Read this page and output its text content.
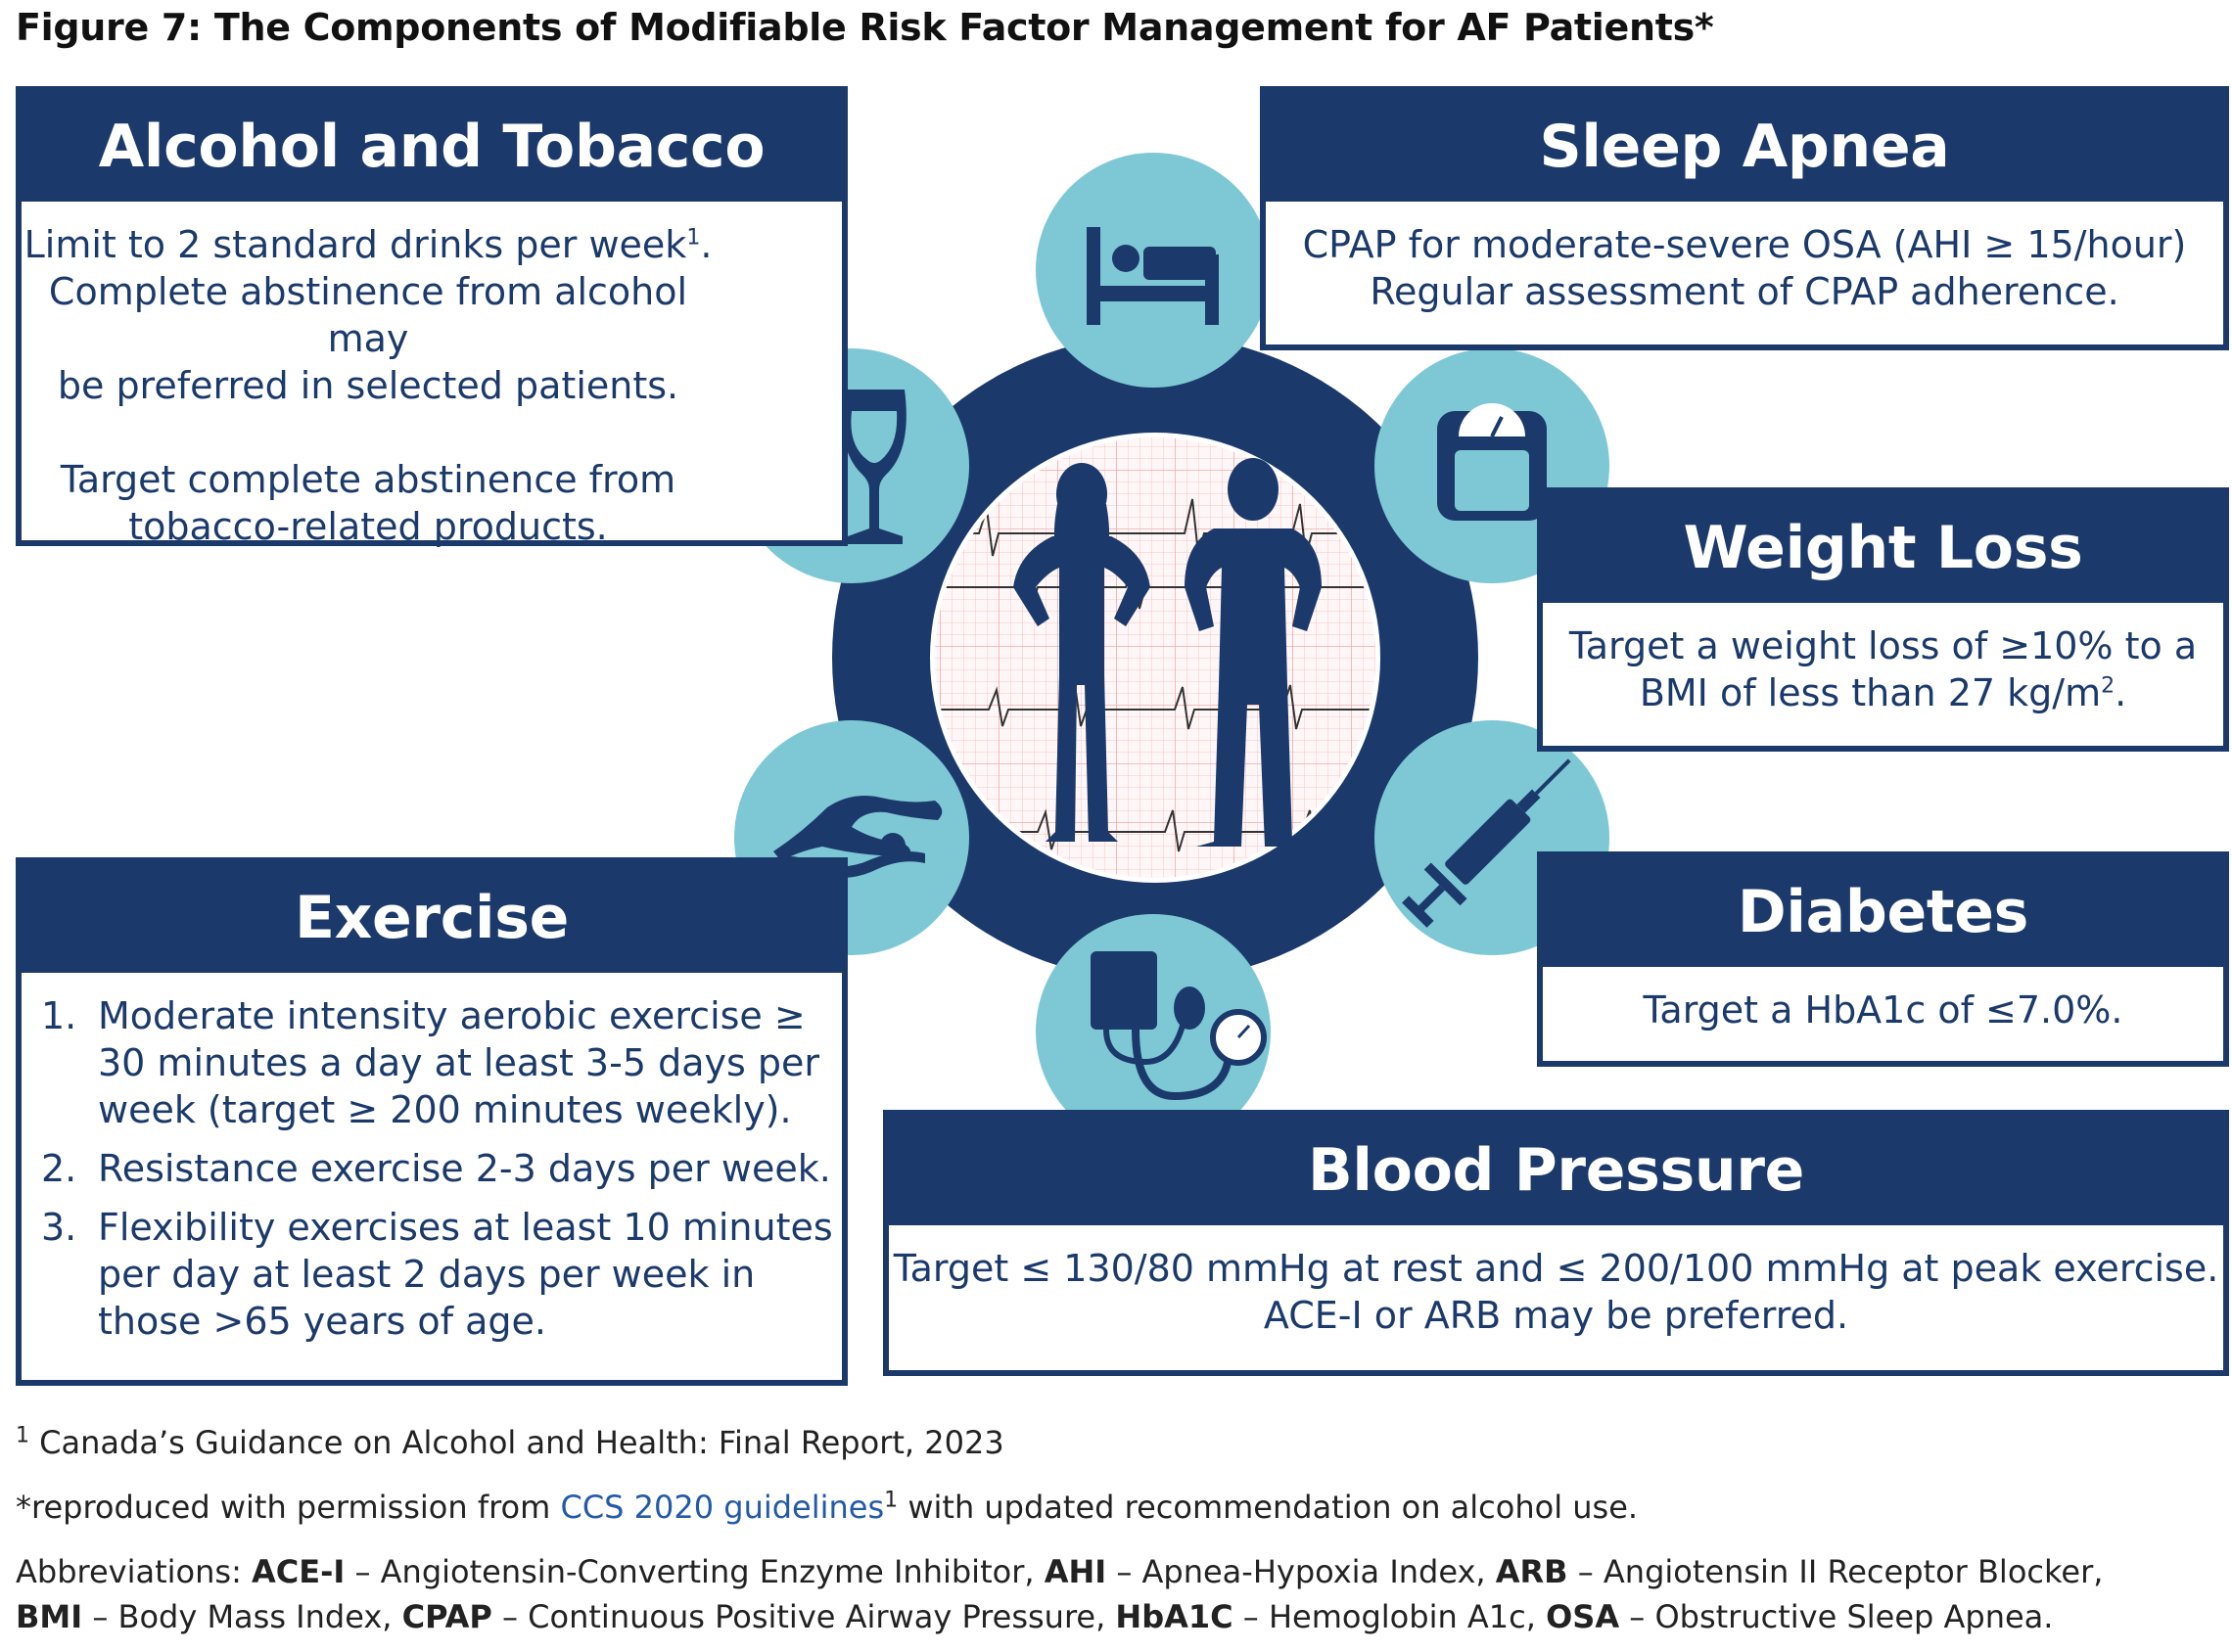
Figure 7: The Components of Modifiable Risk Factor Management for AF Patients*
Alcohol and Tobacco

Limit to 2 standard drinks per week$^1$.

Complete abstinence from alcohol may

be preferred in selected patients.

Target complete abstinence from

tobacco-related products.

Sleep Apnea

CPAP for moderate-severe OSA (AHI ≥ 15/hour)

Regular assessment of CPAP adherence.

Weight Loss

Target a weight loss of ≥10% to a

BMI of less than 27 $kg/m^2$.

Diabetes

Target a HbA1c of ≤7.0%.

Exercise
1. Moderate intensity aerobic exercise ≥ 30 minutes a day at least 3-5 days per week (target ≥ 200 minutes weekly).
2. Resistance exercise 2-3 days per week.
3. Flexibility exercises at least 10 minutes per day at least 2 days per week in those >65 years of age.
Blood Pressure

Target ≤ 130/80 mmHg at rest and ≤ 200/100 mmHg at peak exercise.

ACE-I or ARB may be preferred.

$^1$ Canada’s Guidance on Alcohol and Health: Final Report, 2023

*reproduced with permission from CCS 2020 guidelines$^1$ with updated recommendation on alcohol use.

Abbreviations: ACE-I – Angiotensin-Converting Enzyme Inhibitor, AHI – Apnea-Hypoxia Index, ARB – Angiotensin II Receptor Blocker,

BMI – Body Mass Index, CPAP – Continuous Positive Airway Pressure, HbA1C – Hemoglobin A1c, OSA – Obstructive Sleep Apnea.
